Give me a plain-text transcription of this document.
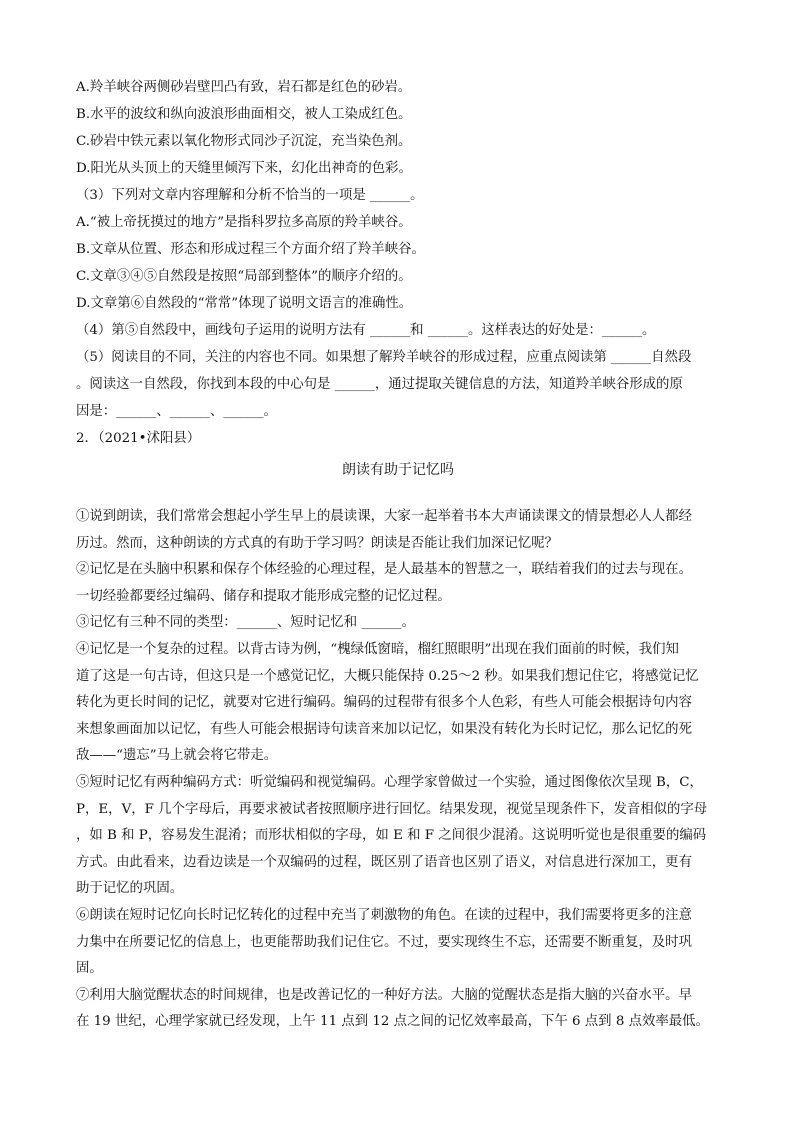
A.羚羊峡谷两侧砂岩壁凹凸有致，岩石都是红色的砂岩。
B.水平的波纹和纵向波浪形曲面相交，被人工染成红色。
C.砂岩中铁元素以氧化物形式同沙子沉淀，充当染色剂。
D.阳光从头顶上的天缝里倾泻下来，幻化出神奇的色彩。
（3）下列对文章内容理解和分析不恰当的一项是 ______。
A.“被上帝抚摸过的地方”是指科罗拉多高原的羚羊峡谷。
B.文章从位置、形态和形成过程三个方面介绍了羚羊峡谷。
C.文章③④⑤自然段是按照“局部到整体”的顺序介绍的。
D.文章第⑥自然段的“常常”体现了说明文语言的准确性。
（4）第⑤自然段中，画线句子运用的说明方法有 ______和 ______。这样表达的好处是：______。
（5）阅读目的不同，关注的内容也不同。如果想了解羚羊峡谷的形成过程，应重点阅读第 ______自然段
。阅读这一自然段，你找到本段的中心句是 ______，通过提取关键信息的方法，知道羚羊峡谷形成的原
因是：______、______、______。
2．（2021•沭阳县）
朗读有助于记忆吗
①说到朗读，我们常常会想起小学生早上的晨读课，大家一起举着书本大声诵读课文的情景想必人人都经
历过。然而，这种朗读的方式真的有助于学习吗？朗读是否能让我们加深记忆呢？
②记忆是在头脑中积累和保存个体经验的心理过程，是人最基本的智慧之一，联结着我们的过去与现在。
一切经验都要经过编码、储存和提取才能形成完整的记忆过程。
③记忆有三种不同的类型：______、短时记忆和 ______。
④记忆是一个复杂的过程。以背古诗为例，“槐绿低窗暗，榴红照眼明”出现在我们面前的时候，我们知
道了这是一句古诗，但这只是一个感觉记忆，大概只能保持 0.25～2 秒。如果我们想记住它，将感觉记忆
转化为更长时间的记忆，就要对它进行编码。编码的过程带有很多个人色彩，有些人可能会根据诗句内容
来想象画面加以记忆，有些人可能会根据诗句读音来加以记忆，如果没有转化为长时记忆，那么记忆的死
敌——“遗忘”马上就会将它带走。
⑤短时记忆有两种编码方式：听觉编码和视觉编码。心理学家曾做过一个实验，通过图像依次呈现 B，C，
P，E，V，F 几个字母后，再要求被试者按照顺序进行回忆。结果发现，视觉呈现条件下，发音相似的字母
，如 B 和 P，容易发生混淆；而形状相似的字母，如 E 和 F 之间很少混淆。这说明听觉也是很重要的编码
方式。由此看来，边看边读是一个双编码的过程，既区别了语音也区别了语义，对信息进行深加工，更有
助于记忆的巩固。
⑥朗读在短时记忆向长时记忆转化的过程中充当了刺激物的角色。在读的过程中，我们需要将更多的注意
力集中在所要记忆的信息上，也更能帮助我们记住它。不过，要实现终生不忘，还需要不断重复，及时巩
固。
⑦利用大脑觉醒状态的时间规律，也是改善记忆的一种好方法。大脑的觉醒状态是指大脑的兴奋水平。早
在 19 世纪，心理学家就已经发现，上午 11 点到 12 点之间的记忆效率最高，下午 6 点到 8 点效率最低。
